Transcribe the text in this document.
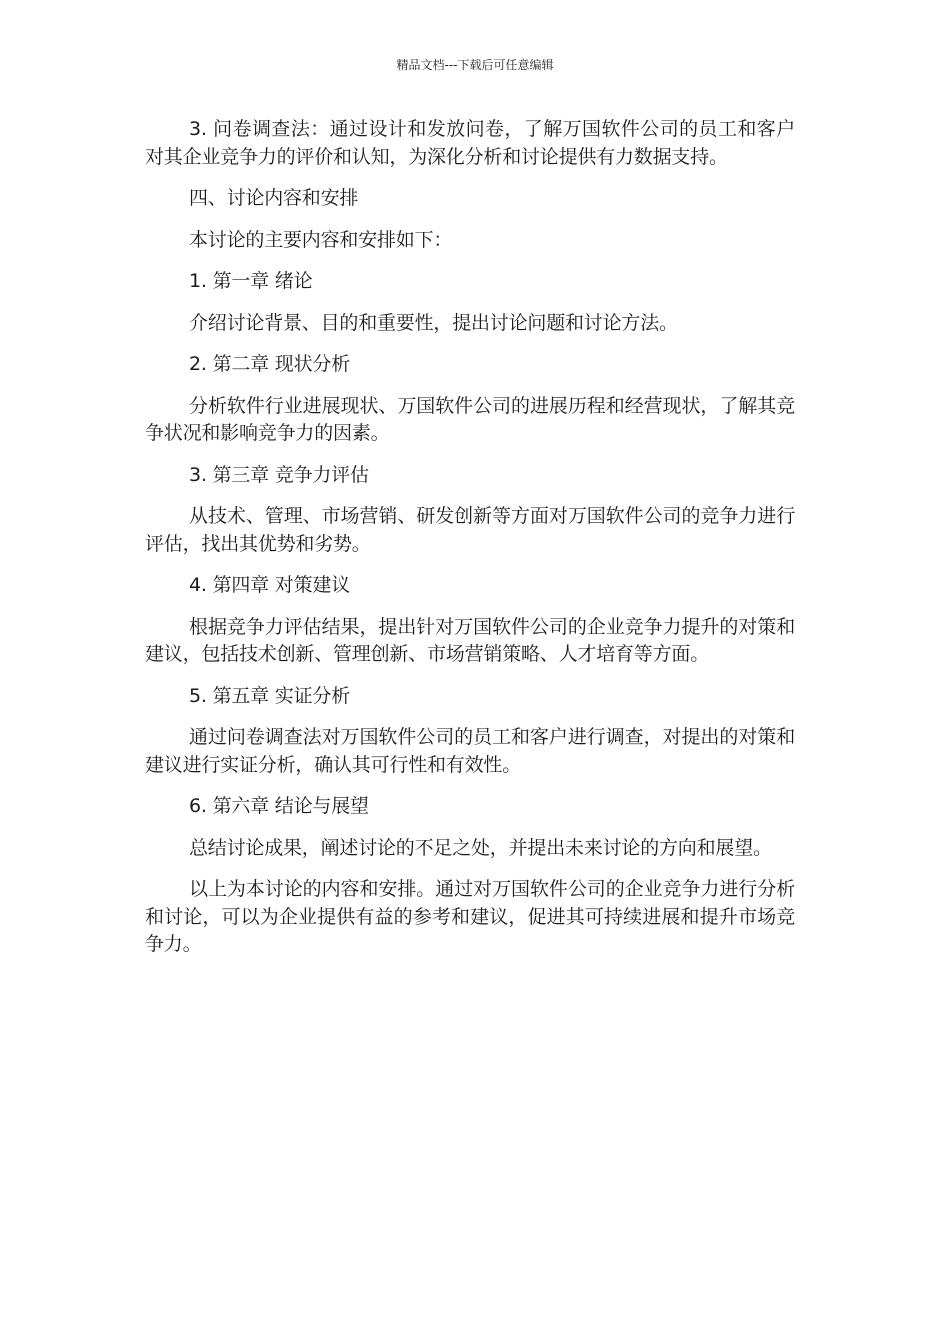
精品文档---下载后可任意编辑

3. 问卷调查法：通过设计和发放问卷，了解万国软件公司的员工和客户对其企业竞争力的评价和认知，为深化分析和讨论提供有力数据支持。

四、讨论内容和安排

本讨论的主要内容和安排如下：

1. 第一章 绪论

介绍讨论背景、目的和重要性，提出讨论问题和讨论方法。

2. 第二章 现状分析

分析软件行业进展现状、万国软件公司的进展历程和经营现状，了解其竞争状况和影响竞争力的因素。

3. 第三章 竞争力评估

从技术、管理、市场营销、研发创新等方面对万国软件公司的竞争力进行评估，找出其优势和劣势。

4. 第四章 对策建议

根据竞争力评估结果，提出针对万国软件公司的企业竞争力提升的对策和建议，包括技术创新、管理创新、市场营销策略、人才培育等方面。

5. 第五章 实证分析

通过问卷调查法对万国软件公司的员工和客户进行调查，对提出的对策和建议进行实证分析，确认其可行性和有效性。

6. 第六章 结论与展望

总结讨论成果，阐述讨论的不足之处，并提出未来讨论的方向和展望。

以上为本讨论的内容和安排。通过对万国软件公司的企业竞争力进行分析和讨论，可以为企业提供有益的参考和建议，促进其可持续进展和提升市场竞争力。
